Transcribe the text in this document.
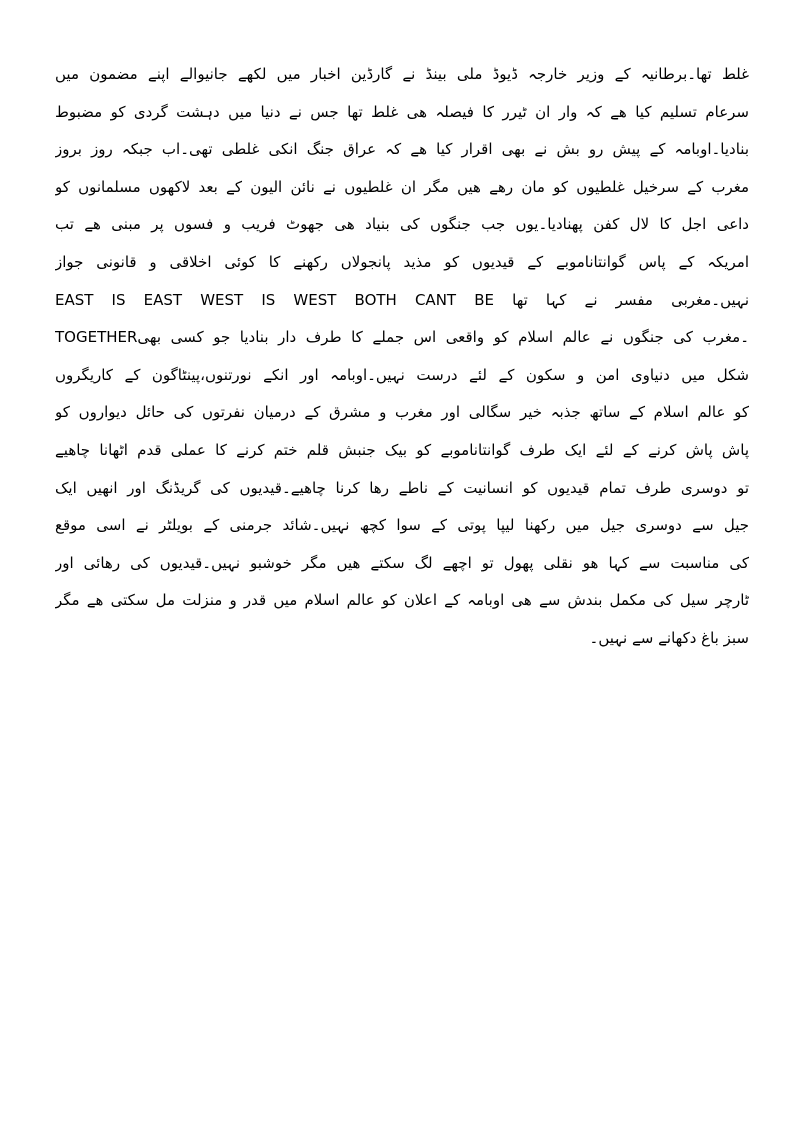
غلط تھا۔برطانیہ کے وزیر خارجہ ڈیوڈ ملی بینڈ نے گارڈین اخبار میں لکھے جانیوالے اپنے مضمون میں
سرعام تسلیم کیا ھے کہ وار ان ٹیرر کا فیصلہ ھی غلط تھا جس نے دنیا میں دہشت گردی کو مضبوط
بنادیا۔اوبامہ کے پیش رو بش نے بھی اقرار کیا ھے کہ عراق جنگ انکی غلطی تھی۔اب جبکہ روز بروز
مغرب کے سرخیل غلطیوں کو مان رھے ھیں مگر ان غلطیوں نے نائن الیون کے بعد لاکھوں مسلمانوں کو
داعی اجل کا لال کفن پھنادیا۔یوں جب جنگوں کی بنیاد ھی جھوٹ فریب و فسوں پر مبنی ھے تب
امریکہ کے پاس گوانتاناموبے کے قیدیوں کو مذید پانجولاں رکھنے کا کوئی اخلاقی و قانونی جواز
نہیں۔مغربی مفسر نے کہا تھا EAST IS EAST WEST IS WEST BOTH CANT BE
TOGETHER۔مغرب کی جنگوں نے عالم اسلام کو واقعی اس جملے کا طرف دار بنادیا جو کسی بھی
شکل میں دنیاوی امن و سکون کے لئے درست نہیں۔اوبامہ اور انکے نورتنوں،پینٹاگون کے کاریگروں
کو عالم اسلام کے ساتھ جذبہ خیر سگالی اور مغرب و مشرق کے درمیان نفرتوں کی حائل دیواروں کو
پاش پاش کرنے کے لئے ایک طرف گوانتاناموبے کو بیک جنبش قلم ختم کرنے کا عملی قدم اٹھانا چاھیے
تو دوسری طرف تمام قیدیوں کو انسانیت کے ناطے رھا کرنا چاھیے۔قیدیوں کی گریڈنگ اور انھیں ایک
جیل سے دوسری جیل میں رکھنا لیپا پوتی کے سوا کچھ نہیں۔شائد جرمنی کے بویلٹر نے اسی موقع
کی مناسبت سے کہا ھو نقلی پھول تو اچھے لگ سکتے ھیں مگر خوشبو نہیں۔قیدیوں کی رھائی اور
ٹارچر سیل کی مکمل بندش سے ھی اوبامہ کے اعلان کو عالم اسلام میں قدر و منزلت مل سکتی ھے مگر
سبز باغ دکھانے سے نہیں۔
